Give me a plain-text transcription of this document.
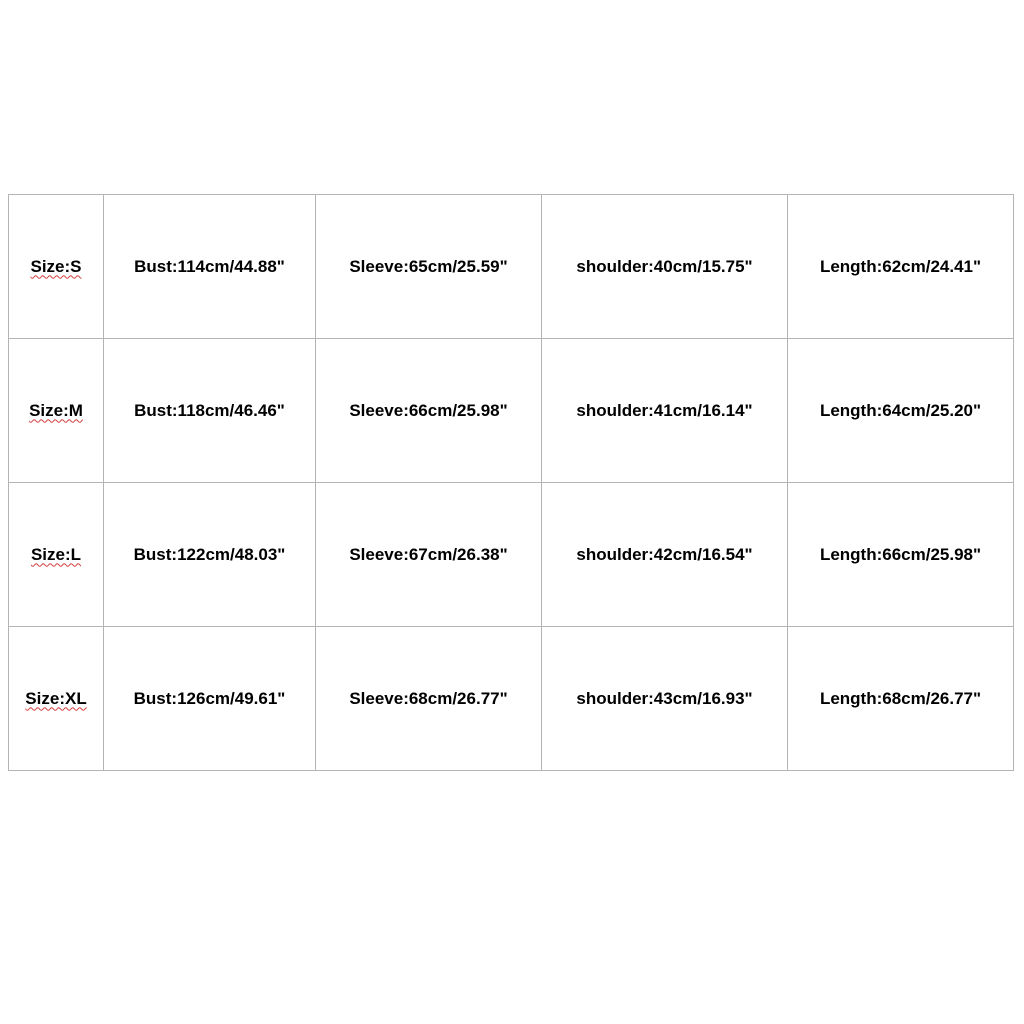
Size:S	Bust:114cm/44.88"	Sleeve:65cm/25.59"	shoulder:40cm/15.75"	Length:62cm/24.41"
Size:M	Bust:118cm/46.46"	Sleeve:66cm/25.98"	shoulder:41cm/16.14"	Length:64cm/25.20"
Size:L	Bust:122cm/48.03"	Sleeve:67cm/26.38"	shoulder:42cm/16.54"	Length:66cm/25.98"
Size:XL	Bust:126cm/49.61"	Sleeve:68cm/26.77"	shoulder:43cm/16.93"	Length:68cm/26.77"
